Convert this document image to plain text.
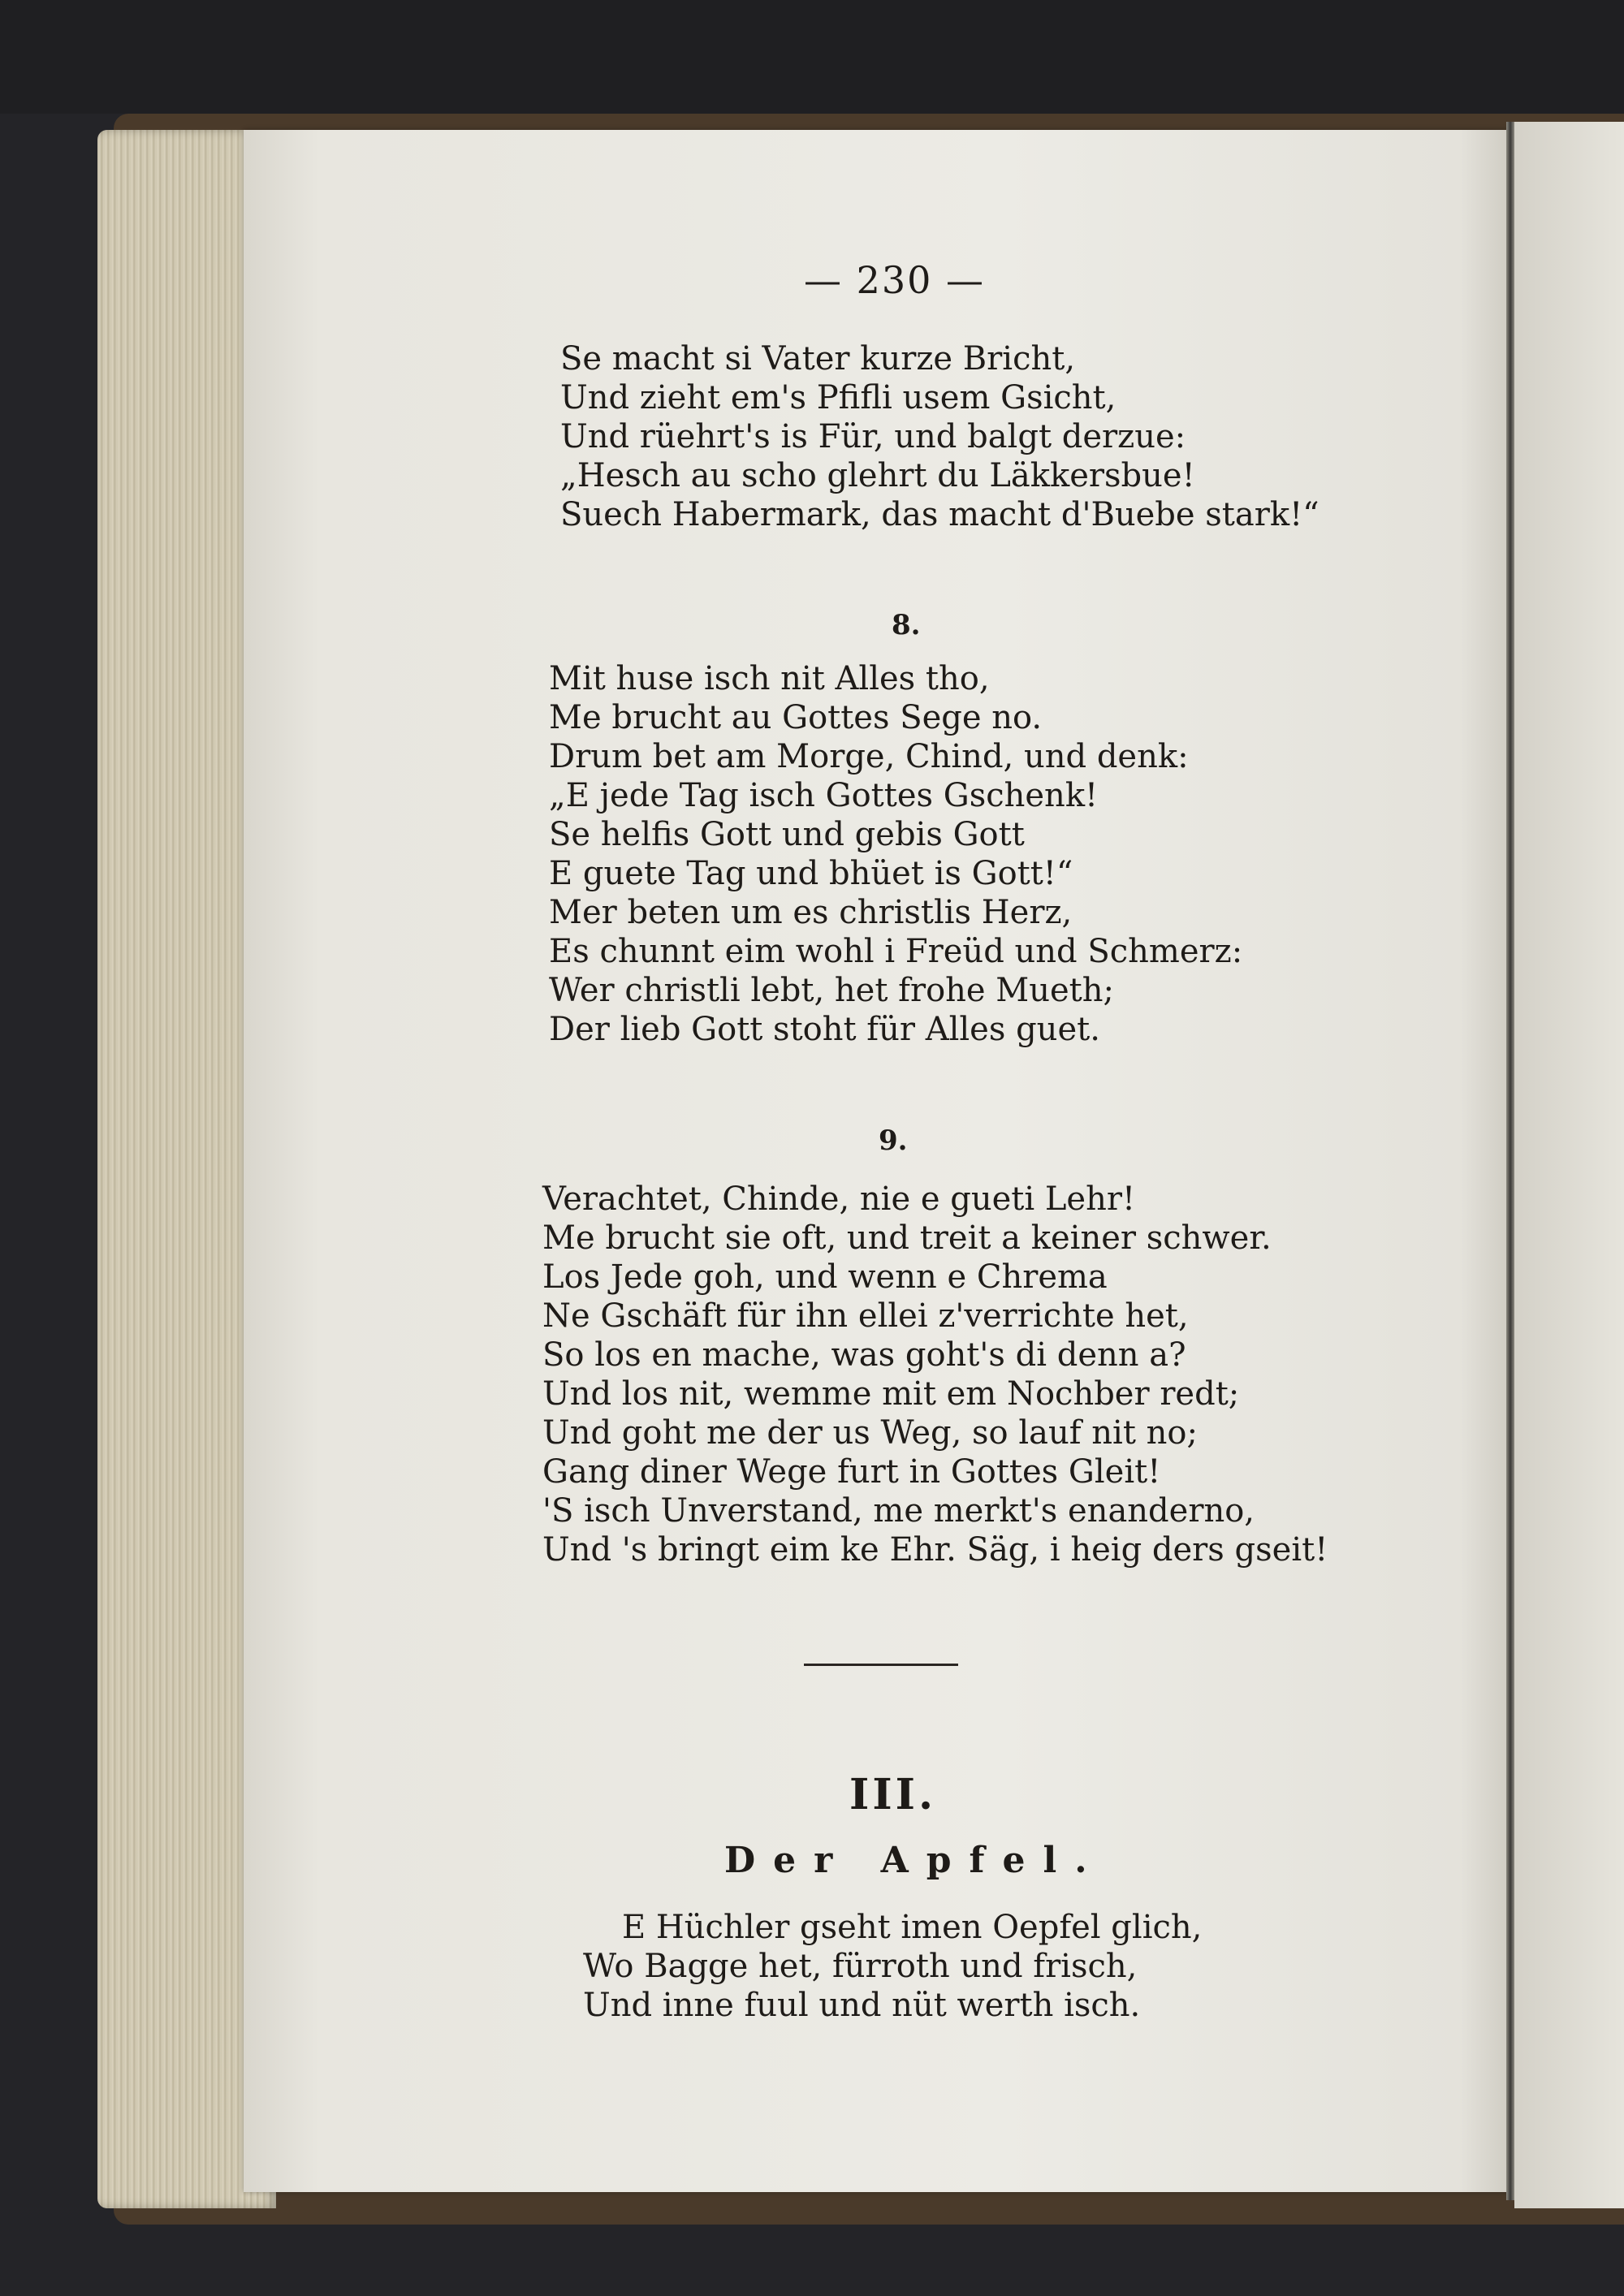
— 230 —
Se macht si Vater kurze Bricht,
Und zieht em's Pfifli usem Gsicht,
Und rüehrt's is Für, und balgt derzue:
„Hesch au scho glehrt du Läkkersbue!
Suech Habermark, das macht d'Buebe stark!“
8.
Mit huse isch nit Alles tho,
Me brucht au Gottes Sege no.
Drum bet am Morge, Chind, und denk:
„E jede Tag isch Gottes Gschenk!
Se helfis Gott und gebis Gott
E guete Tag und bhüet is Gott!“
Mer beten um es christlis Herz,
Es chunnt eim wohl i Freüd und Schmerz:
Wer christli lebt, het frohe Mueth;
Der lieb Gott stoht für Alles guet.
9.
Verachtet, Chinde, nie e gueti Lehr!
Me brucht sie oft, und treit a keiner schwer.
Los Jede goh, und wenn e Chrema
Ne Gschäft für ihn ellei z'verrichte het,
So los en mache, was goht's di denn a?
Und los nit, wemme mit em Nochber redt;
Und goht me der us Weg, so lauf nit no;
Gang diner Wege furt in Gottes Gleit!
'S isch Unverstand, me merkt's enanderno,
Und 's bringt eim ke Ehr. Säg, i heig ders gseit!
III.
Der Apfel.
E Hüchler gseht imen Oepfel glich,
Wo Bagge het, fürroth und frisch,
Und inne fuul und nüt werth isch.
